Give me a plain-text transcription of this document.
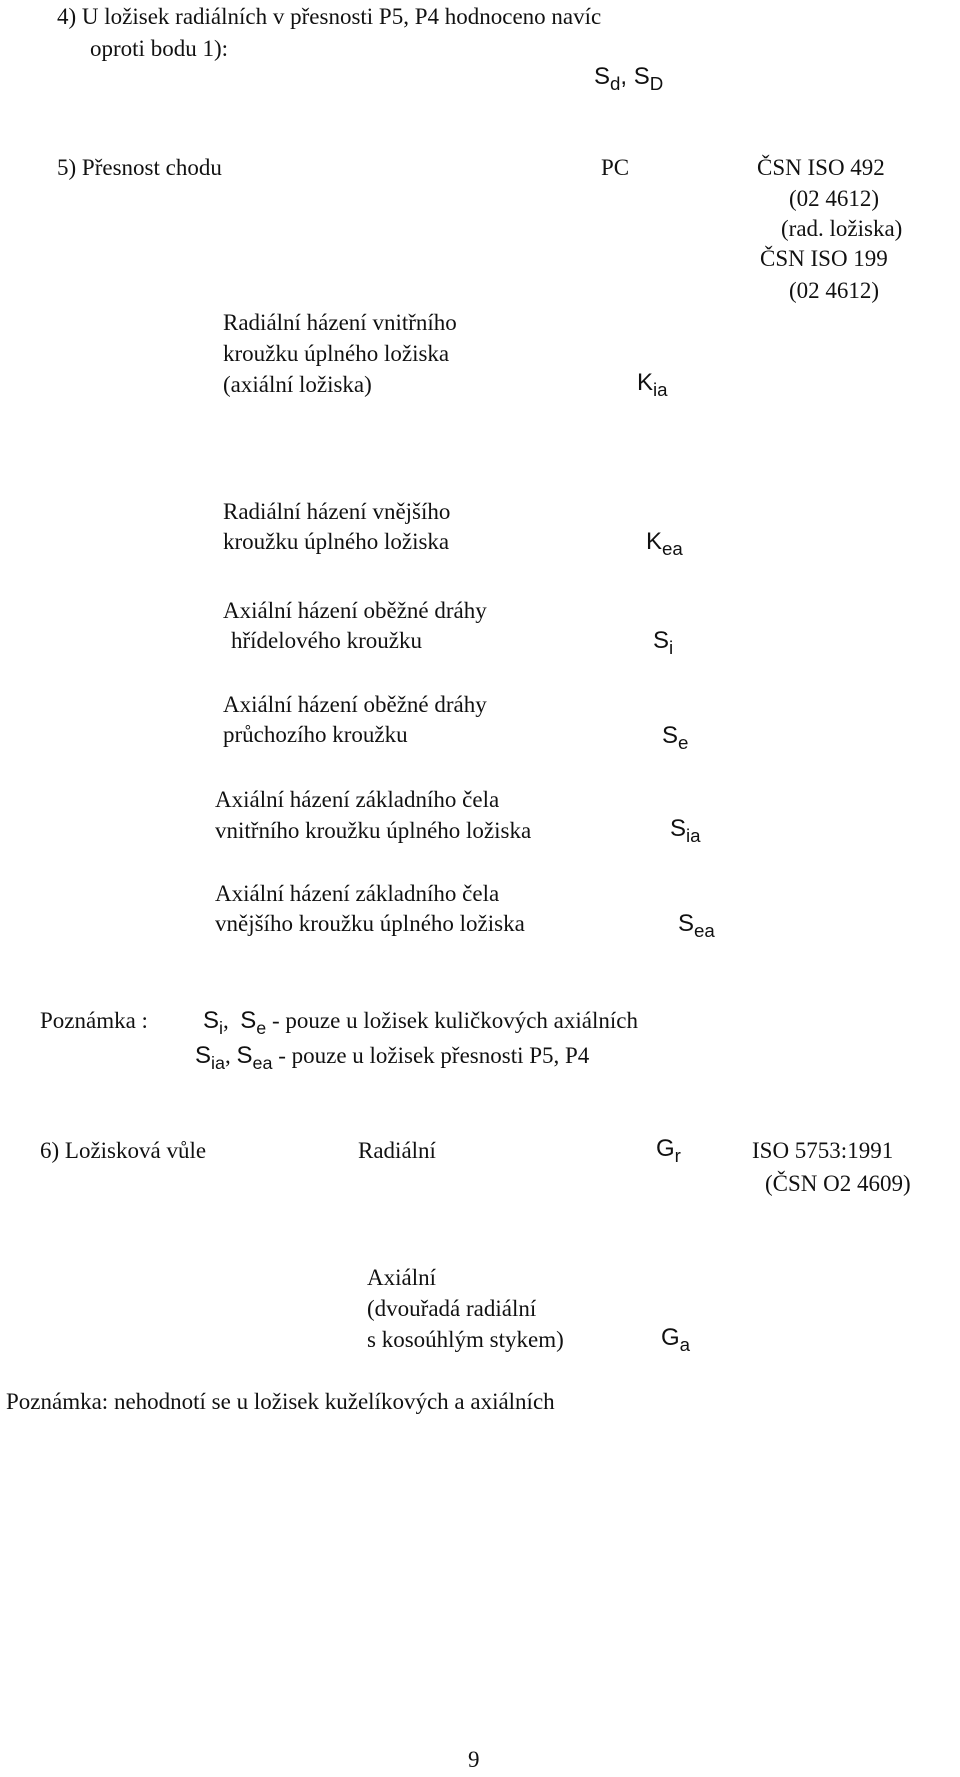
4) U ložisek radiálních v přesnosti P5, P4 hodnoceno navíc
oproti bodu 1):
$S_d$, $S_D$
5) Přesnost chodu	PC	ČSN ISO 492
(02 4612)
(rad. ložiska)
ČSN ISO 199
(02 4612)
Radiální házení vnitřního
kroužku úplného ložiska
(axiální ložiska)	$K_{ia}$
Radiální házení vnějšího
kroužku úplného ložiska	$K_{ea}$
Axiální házení oběžné dráhy
hřídelového kroužku	$S_i$
Axiální házení oběžné dráhy
průchozího kroužku	$S_e$
Axiální házení základního čela
vnitřního kroužku úplného ložiska	$S_{ia}$
Axiální házení základního čela
vnějšího kroužku úplného ložiska	$S_{ea}$
Poznámka : $S_i$, $S_e$ - pouze u ložisek kuličkových axiálních
$S_{ia}$, $S_{ea}$ - pouze u ložisek přesnosti P5, P4
6) Ložisková vůle	Radiální	$G_r$	ISO 5753:1991
(ČSN O2 4609)
Axiální
(dvouřadá radiální
s kosoúhlým stykem)	$G_a$
Poznámka: nehodnotí se u ložisek kuželíkových a axiálních
9
